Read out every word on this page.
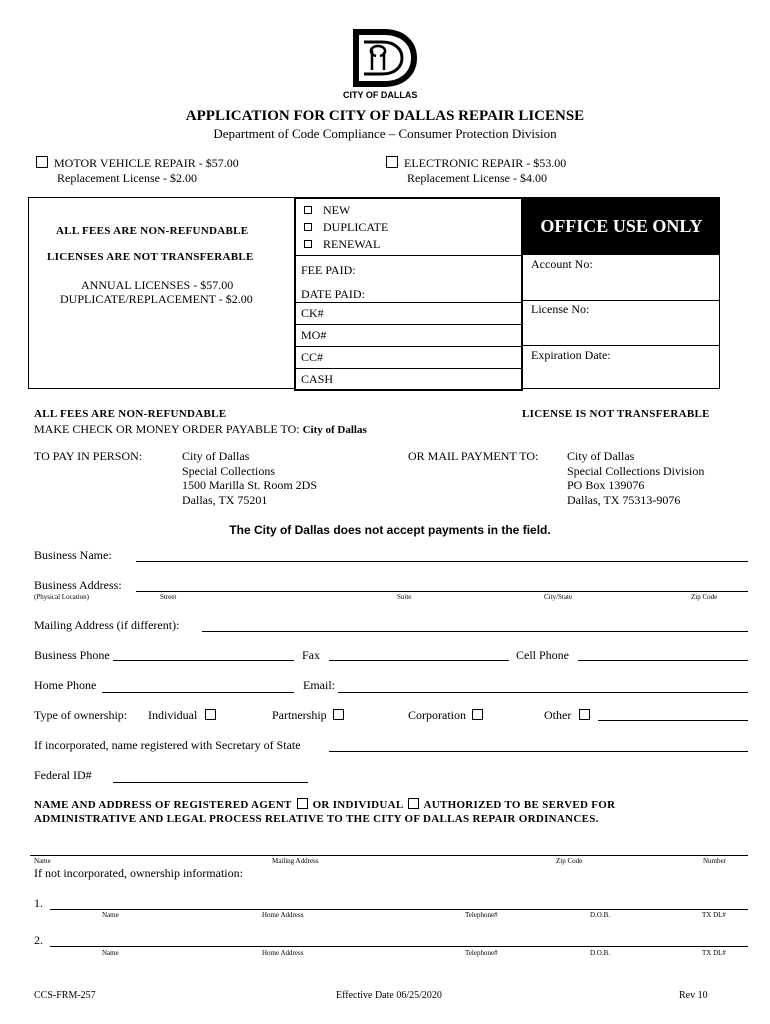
CITY OF DALLAS
APPLICATION FOR CITY OF DALLAS REPAIR LICENSE
Department of Code Compliance – Consumer Protection Division
MOTOR VEHICLE REPAIR - $57.00
Replacement License - $2.00
ELECTRONIC REPAIR - $53.00
Replacement License - $4.00
ALL FEES ARE NON-REFUNDABLE
LICENSES ARE NOT TRANSFERABLE
ANNUAL LICENSES - $57.00
DUPLICATE/REPLACEMENT - $2.00
NEW
DUPLICATE
RENEWAL
FEE PAID:
DATE PAID:
CK#
MO#
CC#
CASH
OFFICE USE ONLY
Account No:
License No:
Expiration Date:
ALL FEES ARE NON-REFUNDABLE	LICENSE IS NOT TRANSFERABLE
MAKE CHECK OR MONEY ORDER PAYABLE TO: City of Dallas
TO PAY IN PERSON:	City of Dallas
Special Collections
1500 Marilla St. Room 2DS
Dallas, TX 75201
OR MAIL PAYMENT TO: City of Dallas
Special Collections Division
PO Box 139076
Dallas, TX 75313-9076
The City of Dallas does not accept payments in the field.
Business Name:
Business Address:
(Physical Location)	Street	Suite	City/State	Zip Code
Mailing Address (if different):
Business Phone	Fax	Cell Phone
Home Phone	Email:
Type of ownership: Individual	Partnership	Corporation	Other
If incorporated, name registered with Secretary of State
Federal ID#
NAME AND ADDRESS OF REGISTERED AGENT OR INDIVIDUAL AUTHORIZED TO BE SERVED FOR
ADMINISTRATIVE AND LEGAL PROCESS RELATIVE TO THE CITY OF DALLAS REPAIR ORDINANCES.
Name	Mailing Address	Zip Code	Number
If not incorporated, ownership information:
1.
Name	Home Address	Telephone#	D.O.B.	TX DL#
2.
Name	Home Address	Telephone#	D.O.B.	TX DL#
CCS-FRM-257	Effective Date 06/25/2020	Rev 10
